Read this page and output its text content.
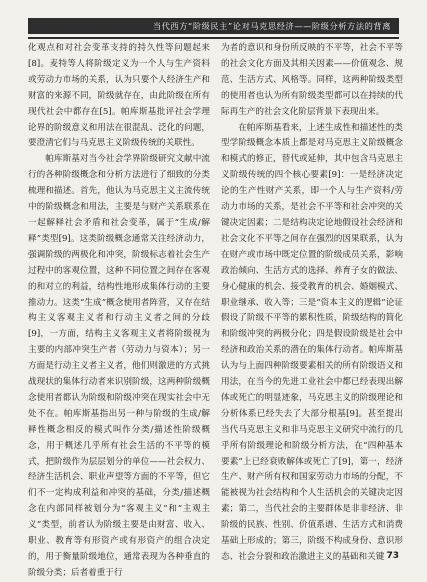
当代西方“阶级民主”论对马克思经济——阶级分析方法的背离

化观点和对社会变革支持的持久性等问题起来[8]。麦特等人将阶级定义为一个人与生产资料或劳动力市场的关系，认为只要个人经济生产和财富的来源不同，阶级就存在，由此阶级在所有现代社会中都存在[5]。帕库斯基批评社会学理论界的阶级意义和用法在很混乱、泛化的问题，要澄清它们与马克思主义阶级传统的关联性。

帕库斯基对当今社会学界阶级研究文献中流行的各种阶级概念和分析方法进行了细致的分类梳理和描述。首先，他认为马克思主义主流传统中的阶级概念和用法，主要是与财产关系联系在一起解释社会矛盾和社会变革，属于“生成/解释”类型[9]。这类阶级概念通常关注经济动力，强调阶级的两极化和冲突，阶级标志着社会生产过程中的客观位置，这种不同位置之间存在客观的和对立的利益，结构性地形成集体行动的主要推动力。这类“生成”概念使用者阵营，又存在结构主义客观主义者和行动主义者之间的分歧[9]，一方面，结构主义客观主义者将阶级视为主要的内部冲突生产者（劳动力与资本）；另一方面是行动主义者主义者，他们则激进的方式挑战现状的集体行动者来识别阶级，这两种阶级概念使用者都认为阶级和阶级冲突在现实社会中无处不在。帕库斯基指出另一种与阶级的生成/解释性概念相反的模式叫作分类/描述性阶级概念，用于概述几乎所有社会生活的不平等的模式，把阶级作为层层划分的单位——社会权力、经济生活机会、职业声望等方面的不平等，但它们不一定构成利益和冲突的基础，分类/描述概念在内部同样被划分为“客观主义”和“主观主义”类型，前者认为阶级主要是由财富、收入、职业、教育等有形资产或有形资产的组合决定的，用于衡量阶级地位，通常表现为各种垂直的阶级分类；后者着重于行

为者的意识和身份所反映的不平等，社会不平等的社会文化方面及其相关因素——价值观念、规范、生活方式、风格等。同样，这两种阶级类型的使用者也认为所有阶级类型都可以在持续的代际再生产的社会文化阶层背景下表现出来。

在帕库斯基看来，上述生成性和描述性的类型学阶级概念本质上都是对马克思主义阶级概念和模式的修正，替代或延伸，其中包含马克思主义阶级传统的四个核心要素[9]：一是经济决定论的生产性财产关系，即一个人与生产资料/劳动力市场的关系，是社会不平等和社会冲突的关键决定因素；二是结构决定论地假设社会经济和社会文化不平等之间存在强烈的因果联系，认为在财产或市场中既定位置的阶级成员关系，影响政治倾向、生活方式的选择、养育子女的做法、身心健康的机会、接受教育的机会、婚姻模式、职业继承、收入等；三是“资本主义的逻辑”论证假设了阶级不平等的累积性质，阶级结构的简化和阶级冲突的两极分化；四是假设阶级是社会中经济和政治关系的潜在的集体行动者。帕库斯基认为与上面四种阶级要素相关的所有阶级语义和用法，在当今的先进工业社会中都已经表现出解体或死亡的明显迹象，马克思主义的阶级理论和分析体系已经失去了大部分根基[9]。甚至提出当代马克思主义和非马克思主义研究中流行的几乎所有阶级理论和阶级分析方法，在“四种基本要素”上已经衰败解体或死亡了[9]，第一，经济生产、财产所有权和国家劳动力市场的分配，不能被视为社会结构和个人生活机会的关键决定因素；第二，当代社会的主要群体是非非经济、非阶级的民族、性别、价值系谱、生活方式和消费基础上形成的；第三，阶级不构成身份、意识形态、社会分裂和政治激进主义的基础和关键 73
